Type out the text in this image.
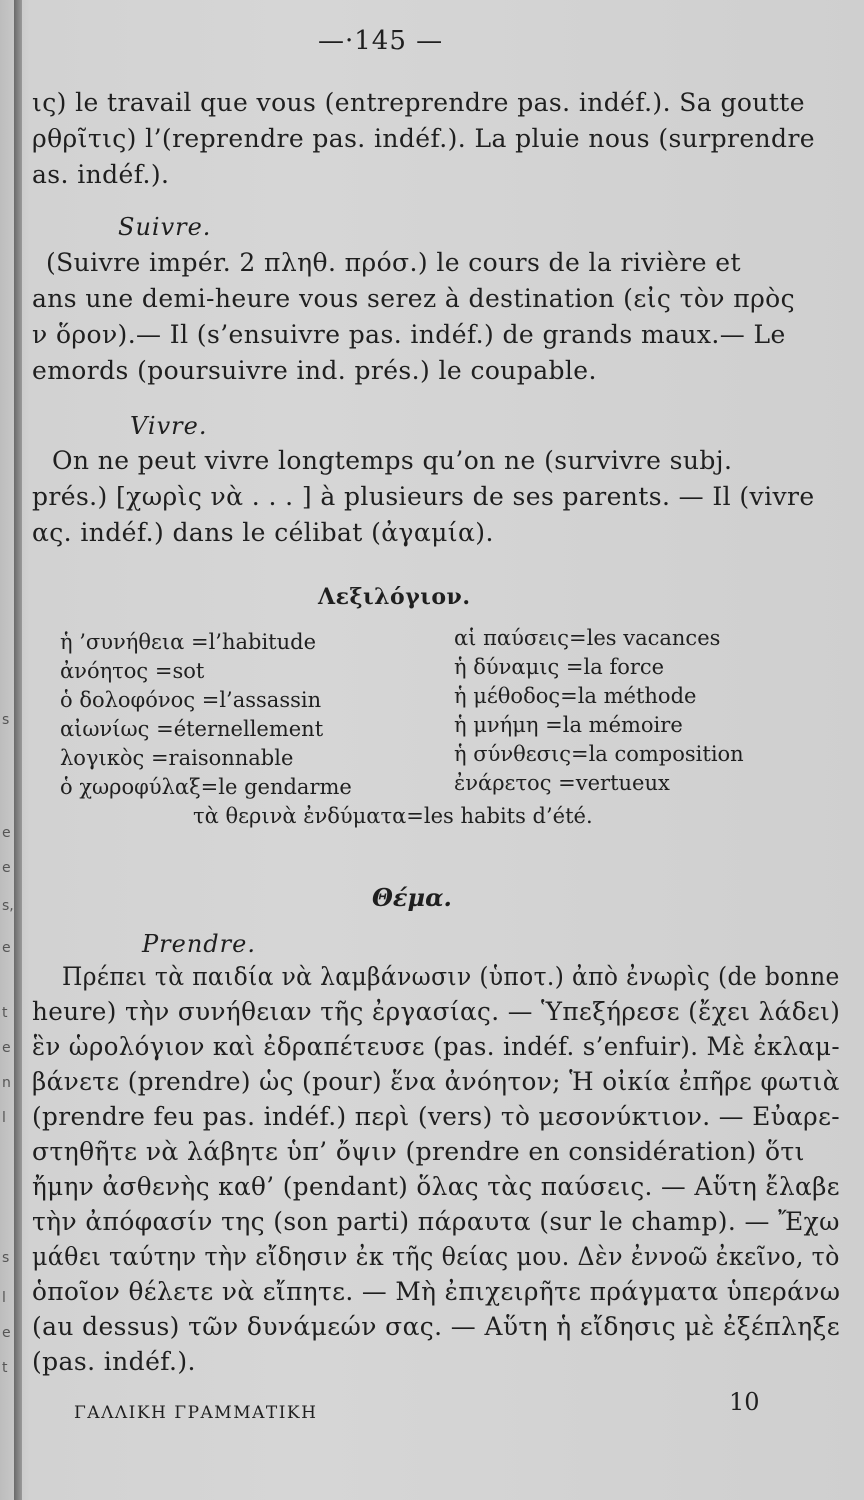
s
e
e
s,
e
t
e
n
l
s
l
e
t
—·145 —
ις) le travail que vous (entreprendre pas. indéf.). Sa goutte
ρθρῖτις) l’(reprendre pas. indéf.). La pluie nous (surprendre
as. indéf.).
Suivre.
(Suivre impér. 2 πληθ. πρόσ.) le cours de la rivière et
ans une demi-heure vous serez à destination (εἰς τὸν πρὸς
ν ὅρον).— Il (s’ensuivre pas. indéf.) de grands maux.— Le
emords (poursuivre ind. prés.) le coupable.
Vivre.
On ne peut vivre longtemps qu’on ne (survivre subj.
prés.) [χωρὶς νὰ . . . ] à plusieurs de ses parents. — Il (vivre
ας. indéf.) dans le célibat (ἀγαμία).
Λεξιλόγιον.
ἡ ’συνήθεια =l’habitude
ἀνόητος =sot
ὁ δολοφόνος =l’assassin
αἰωνίως =éternellement
λογικὸς =raisonnable
ὁ χωροφύλαξ=le gendarme
αἱ παύσεις=les vacances
ἡ δύναμις =la force
ἡ μέθοδος=la méthode
ἡ μνήμη =la mémoire
ἡ σύνθεσις=la composition
ἐνάρετος =vertueux
τὰ θερινὰ ἐνδύματα=les habits d’été.
Θέμα.
Prendre.
Πρέπει τὰ παιδία νὰ λαμβάνωσιν (ὑποτ.) ἀπὸ ἐνωρὶς (de bonne
heure) τὴν συνήθειαν τῆς ἐργασίας. — Ὑπεξήρεσε (ἔχει λάδει)
ἓν ὡρολόγιον καὶ ἐδραπέτευσε (pas. indéf. s’enfuir). Μὲ ἐκλαμ-
βάνετε (prendre) ὡς (pour) ἕνα ἀνόητον; Ἡ οἰκία ἐπῆρε φωτιὰ
(prendre feu pas. indéf.) περὶ (vers) τὸ μεσονύκτιον. — Εὐαρε-
στηθῆτε νὰ λάβητε ὑπ’ ὄψιν (prendre en considération) ὅτι
ἤμην ἀσθενὴς καθ’ (pendant) ὅλας τὰς παύσεις. — Αὕτη ἔλαβε
τὴν ἀπόφασίν της (son parti) πάραυτα (sur le champ). — Ἔχω
μάθει ταύτην τὴν εἴδησιν ἐκ τῆς θείας μου. Δὲν ἐννοῶ ἐκεῖνο, τὸ
ὁποῖον θέλετε νὰ εἴπητε. — Μὴ ἐπιχειρῆτε πράγματα ὑπεράνω
(au dessus) τῶν δυνάμεών σας. — Αὕτη ἡ εἴδησις μὲ ἐξέπληξε
(pas. indéf.).
ΓΑΛΛΙΚΗ ΓΡΑΜΜΑΤΙΚΗ	10
